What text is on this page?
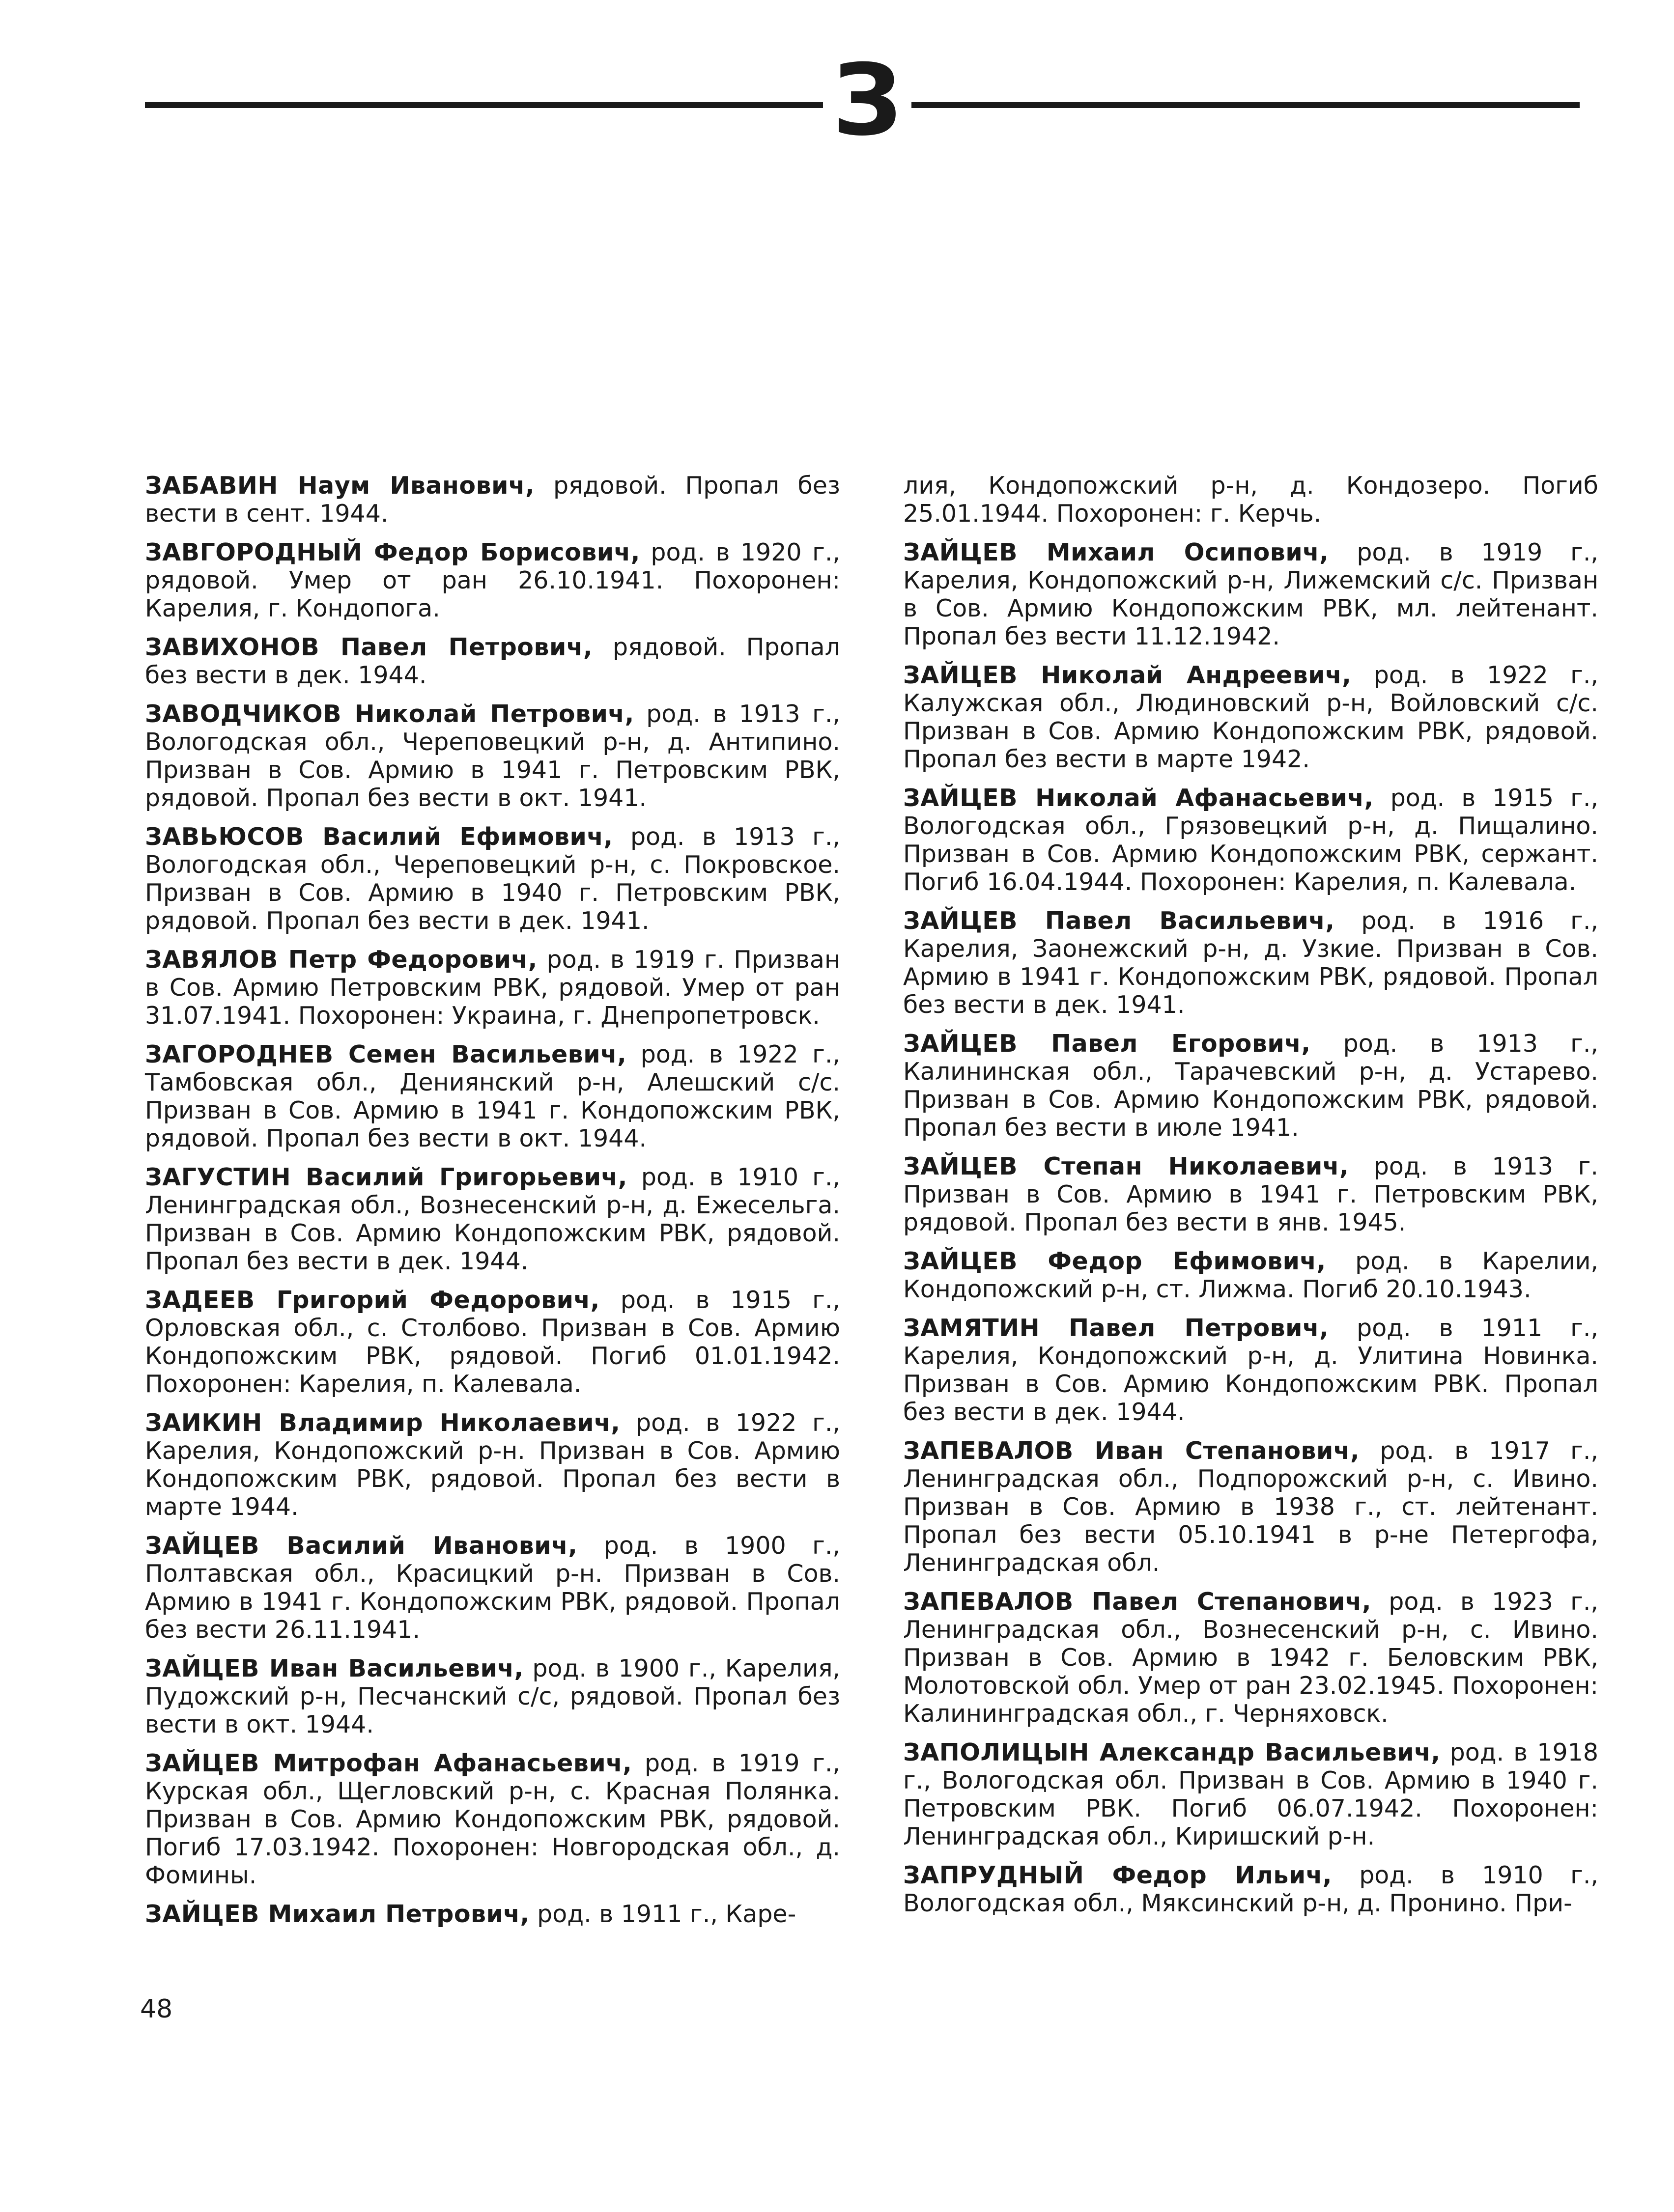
З

ЗАБАВИН Наум Иванович, рядовой. Пропал без вести в сент. 1944.

ЗАВГОРОДНЫЙ Федор Борисович, род. в 1920 г., рядовой. Умер от ран 26.10.1941. Похоронен: Карелия, г. Кондопога.

ЗАВИХОНОВ Павел Петрович, рядовой. Пропал без вести в дек. 1944.

ЗАВОДЧИКОВ Николай Петрович, род. в 1913 г., Вологодская обл., Череповецкий р-н, д. Антипино. Призван в Сов. Армию в 1941 г. Петровским РВК, рядовой. Пропал без вести в окт. 1941.

ЗАВЬЮСОВ Василий Ефимович, род. в 1913 г., Вологодская обл., Череповецкий р-н, с. Покровское. Призван в Сов. Армию в 1940 г. Петровским РВК, рядовой. Пропал без вести в дек. 1941.

ЗАВЯЛОВ Петр Федорович, род. в 1919 г. Призван в Сов. Армию Петровским РВК, рядовой. Умер от ран 31.07.1941. Похоронен: Украина, г. Днепропетровск.

ЗАГОРОДНЕВ Семен Васильевич, род. в 1922 г., Тамбовская обл., Дениянский р-н, Алешский с/с. Призван в Сов. Армию в 1941 г. Кондопожским РВК, рядовой. Пропал без вести в окт. 1944.

ЗАГУСТИН Василий Григорьевич, род. в 1910 г., Ленинградская обл., Вознесенский р-н, д. Ежесельга. Призван в Сов. Армию Кондопожским РВК, рядовой. Пропал без вести в дек. 1944.

ЗАДЕЕВ Григорий Федорович, род. в 1915 г., Орловская обл., с. Столбово. Призван в Сов. Армию Кондопожским РВК, рядовой. Погиб 01.01.1942. Похоронен: Карелия, п. Калевала.

ЗАИКИН Владимир Николаевич, род. в 1922 г., Карелия, Кондопожский р-н. Призван в Сов. Армию Кондопожским РВК, рядовой. Пропал без вести в марте 1944.

ЗАЙЦЕВ Василий Иванович, род. в 1900 г., Полтавская обл., Красицкий р-н. Призван в Сов. Армию в 1941 г. Кондопожским РВК, рядовой. Пропал без вести 26.11.1941.

ЗАЙЦЕВ Иван Васильевич, род. в 1900 г., Карелия, Пудожский р-н, Песчанский с/с, рядовой. Пропал без вести в окт. 1944.

ЗАЙЦЕВ Митрофан Афанасьевич, род. в 1919 г., Курская обл., Щегловский р-н, с. Красная Полянка. Призван в Сов. Армию Кондопожским РВК, рядовой. Погиб 17.03.1942. Похоронен: Новгородская обл., д. Фомины.

ЗАЙЦЕВ Михаил Петрович, род. в 1911 г., Каре-

лия, Кондопожский р-н, д. Кондозеро. Погиб 25.01.1944. Похоронен: г. Керчь.

ЗАЙЦЕВ Михаил Осипович, род. в 1919 г., Карелия, Кондопожский р-н, Лижемский с/с. Призван в Сов. Армию Кондопожским РВК, мл. лейтенант. Пропал без вести 11.12.1942.

ЗАЙЦЕВ Николай Андреевич, род. в 1922 г., Калужская обл., Людиновский р-н, Войловский с/с. Призван в Сов. Армию Кондопожским РВК, рядовой. Пропал без вести в марте 1942.

ЗАЙЦЕВ Николай Афанасьевич, род. в 1915 г., Вологодская обл., Грязовецкий р-н, д. Пищалино. Призван в Сов. Армию Кондопожским РВК, сержант. Погиб 16.04.1944. Похоронен: Карелия, п. Калевала.

ЗАЙЦЕВ Павел Васильевич, род. в 1916 г., Карелия, Заонежский р-н, д. Узкие. Призван в Сов. Армию в 1941 г. Кондопожским РВК, рядовой. Пропал без вести в дек. 1941.

ЗАЙЦЕВ Павел Егорович, род. в 1913 г., Калининская обл., Тарачевский р-н, д. Устарево. Призван в Сов. Армию Кондопожским РВК, рядовой. Пропал без вести в июле 1941.

ЗАЙЦЕВ Степан Николаевич, род. в 1913 г. Призван в Сов. Армию в 1941 г. Петровским РВК, рядовой. Пропал без вести в янв. 1945.

ЗАЙЦЕВ Федор Ефимович, род. в Карелии, Кондопожский р-н, ст. Лижма. Погиб 20.10.1943.

ЗАМЯТИН Павел Петрович, род. в 1911 г., Карелия, Кондопожский р-н, д. Улитина Новинка. Призван в Сов. Армию Кондопожским РВК. Пропал без вести в дек. 1944.

ЗАПЕВАЛОВ Иван Степанович, род. в 1917 г., Ленинградская обл., Подпорожский р-н, с. Ивино. Призван в Сов. Армию в 1938 г., ст. лейтенант. Пропал без вести 05.10.1941 в р-не Петергофа, Ленинградская обл.

ЗАПЕВАЛОВ Павел Степанович, род. в 1923 г., Ленинградская обл., Вознесенский р-н, с. Ивино. Призван в Сов. Армию в 1942 г. Беловским РВК, Молотовской обл. Умер от ран 23.02.1945. Похоронен: Калининградская обл., г. Черняховск.

ЗАПОЛИЦЫН Александр Васильевич, род. в 1918 г., Вологодская обл. Призван в Сов. Армию в 1940 г. Петровским РВК. Погиб 06.07.1942. Похоронен: Ленинградская обл., Киришский р-н.

ЗАПРУДНЫЙ Федор Ильич, род. в 1910 г., Вологодская обл., Мяксинский р-н, д. Пронино. При-

48
